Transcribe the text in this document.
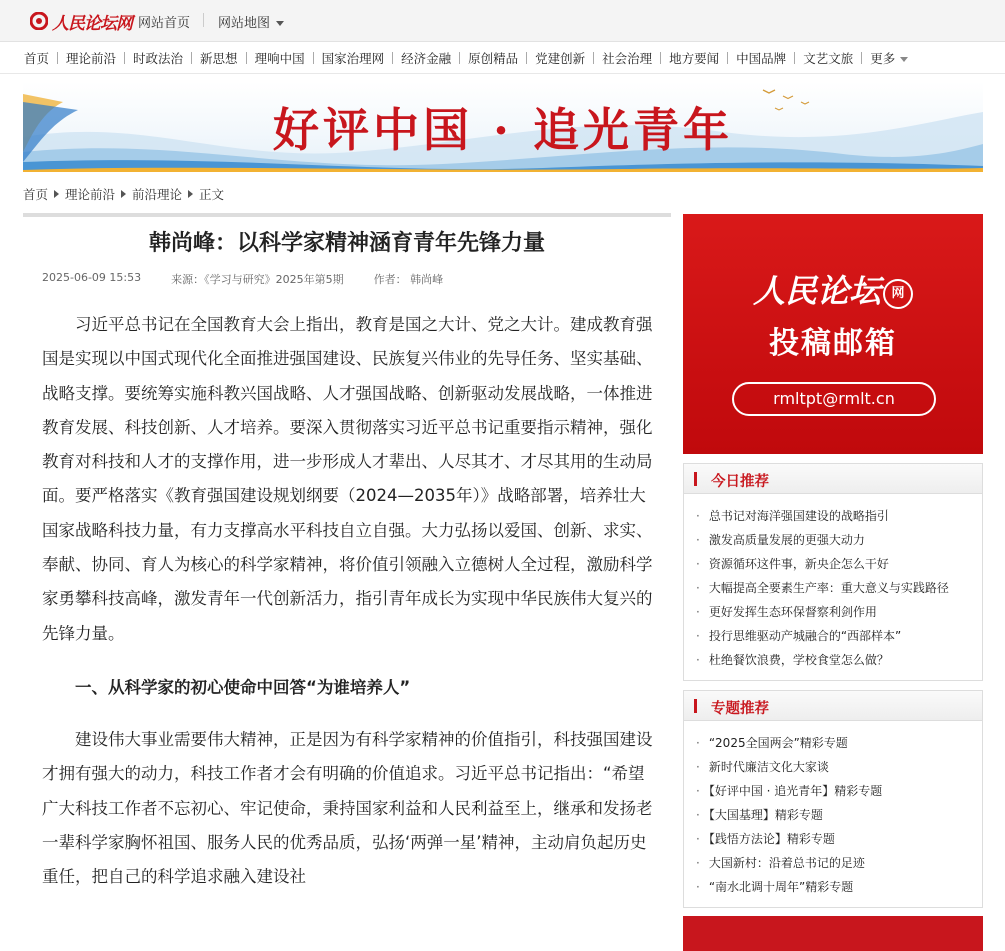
人民论坛网 网站首页 网站地图
首页 理论前沿 时政法治 新思想 理响中国 国家治理网 经济金融 原创精品 党建创新 社会治理 地方要闻 中国品牌 文艺文旅 更多
好评中国 · 追光青年
首页 理论前沿 前沿理论 正文
韩尚峰：以科学家精神涵育青年先锋力量
2025-06-09 15:53	来源：《学习与研究》2025年第5期	作者： 韩尚峰

习近平总书记在全国教育大会上指出，教育是国之大计、党之大计。建成教育强国是实现以中国式现代化全面推进强国建设、民族复兴伟业的先导任务、坚实基础、战略支撑。要统筹实施科教兴国战略、人才强国战略、创新驱动发展战略，一体推进教育发展、科技创新、人才培养。要深入贯彻落实习近平总书记重要指示精神，强化教育对科技和人才的支撑作用，进一步形成人才辈出、人尽其才、才尽其用的生动局面。要严格落实《教育强国建设规划纲要（2024—2035年）》战略部署，培养壮大国家战略科技力量，有力支撑高水平科技自立自强。大力弘扬以爱国、创新、求实、奉献、协同、育人为核心的科学家精神，将价值引领融入立德树人全过程，激励科学家勇攀科技高峰，激发青年一代创新活力，指引青年成长为实现中华民族伟大复兴的先锋力量。

一、从科学家的初心使命中回答“为谁培养人”

建设伟大事业需要伟大精神，正是因为有科学家精神的价值指引，科技强国建设才拥有强大的动力，科技工作者才会有明确的价值追求。习近平总书记指出：“希望广大科技工作者不忘初心、牢记使命，秉持国家利益和人民利益至上，继承和发扬老一辈科学家胸怀祖国、服务人民的优秀品质，弘扬‘两弹一星’精神，主动肩负起历史重任，把自己的科学追求融入建设社

人民论坛 网
投稿邮箱
rmltpt@rmlt.cn
今日推荐
· 总书记对海洋强国建设的战略指引
· 激发高质量发展的更强大动力
· 资源循环这件事，新央企怎么干好
· 大幅提高全要素生产率：重大意义与实践路径
· 更好发挥生态环保督察利剑作用
· 投行思维驱动产城融合的“西部样本”
· 杜绝餐饮浪费，学校食堂怎么做？
专题推荐
· “2025全国两会”精彩专题
· 新时代廉洁文化大家谈
· 【好评中国 · 追光青年】精彩专题
· 【大国基理】精彩专题
· 【践悟方法论】精彩专题
· 大国新村：沿着总书记的足迹
· “南水北调十周年”精彩专题
